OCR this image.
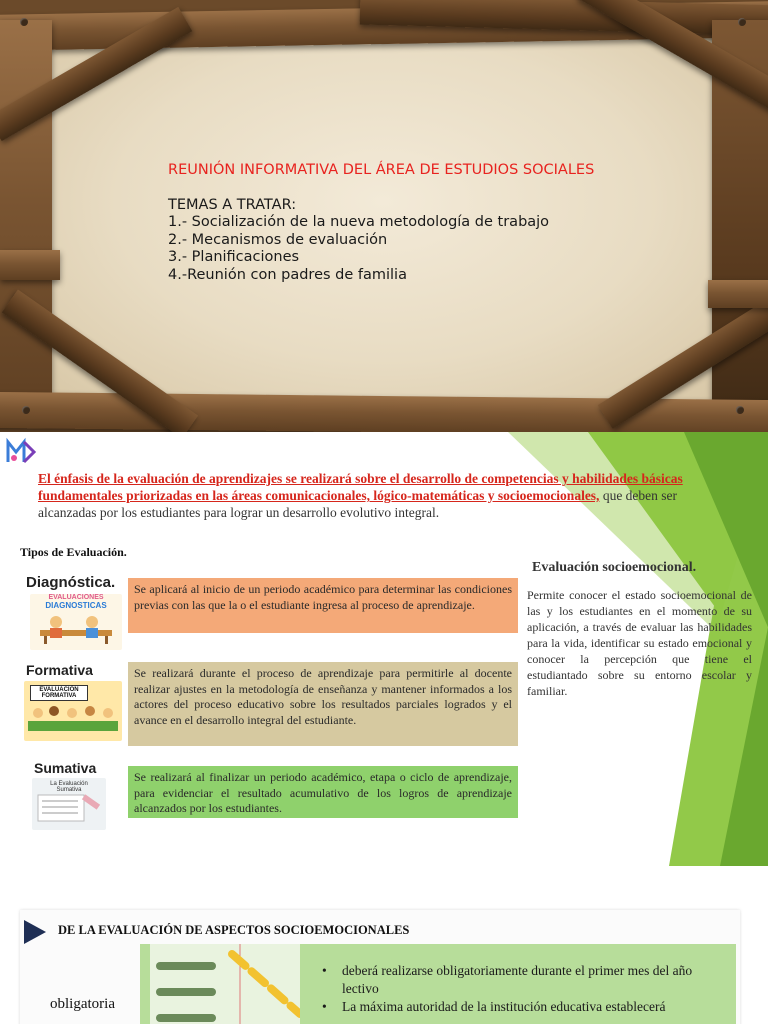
REUNIÓN INFORMATIVA DEL ÁREA DE ESTUDIOS SOCIALES
TEMAS A TRATAR:
1.- Socialización de la nueva metodología de trabajo
2.- Mecanismos de evaluación
3.- Planificaciones
4.-Reunión con padres de familia
El énfasis de la evaluación de aprendizajes se realizará sobre el desarrollo de competencias y habilidades básicas fundamentales priorizadas en las áreas comunicacionales, lógico-matemáticas y socioemocionales, que deben ser alcanzadas por los estudiantes para lograr un desarrollo evolutivo integral.
Tipos de Evaluación.
Diagnóstica.
EVALUACIONES
DIAGNOSTICAS
Se aplicará al inicio de un periodo académico para determinar las condiciones previas con las que la o el estudiante ingresa al proceso de aprendizaje.
Formativa
EVALUACIÓN
FORMATIVA
Se realizará durante el proceso de aprendizaje para permitirle al docente realizar ajustes en la metodología de enseñanza y mantener informados a los actores del proceso educativo sobre los resultados parciales logrados y el avance en el desarrollo integral del estudiante.
Sumativa
La Evaluación
Sumativa
Se realizará al finalizar un periodo académico, etapa o ciclo de aprendizaje, para evidenciar el resultado acumulativo de los logros de aprendizaje alcanzados por los estudiantes.
Evaluación socioemocional.
Permite conocer el estado socioemocional de las y los estudiantes en el momento de su aplicación, a través de evaluar las habilidades para la vida, identificar su estado emocional y conocer la percepción que tiene el estudiantado sobre su entorno escolar y familiar.
DE LA EVALUACIÓN DE ASPECTOS SOCIOEMOCIONALES
obligatoria
•	deberá realizarse obligatoriamente durante el primer mes del año lectivo
•	La máxima autoridad de la institución educativa establecerá
